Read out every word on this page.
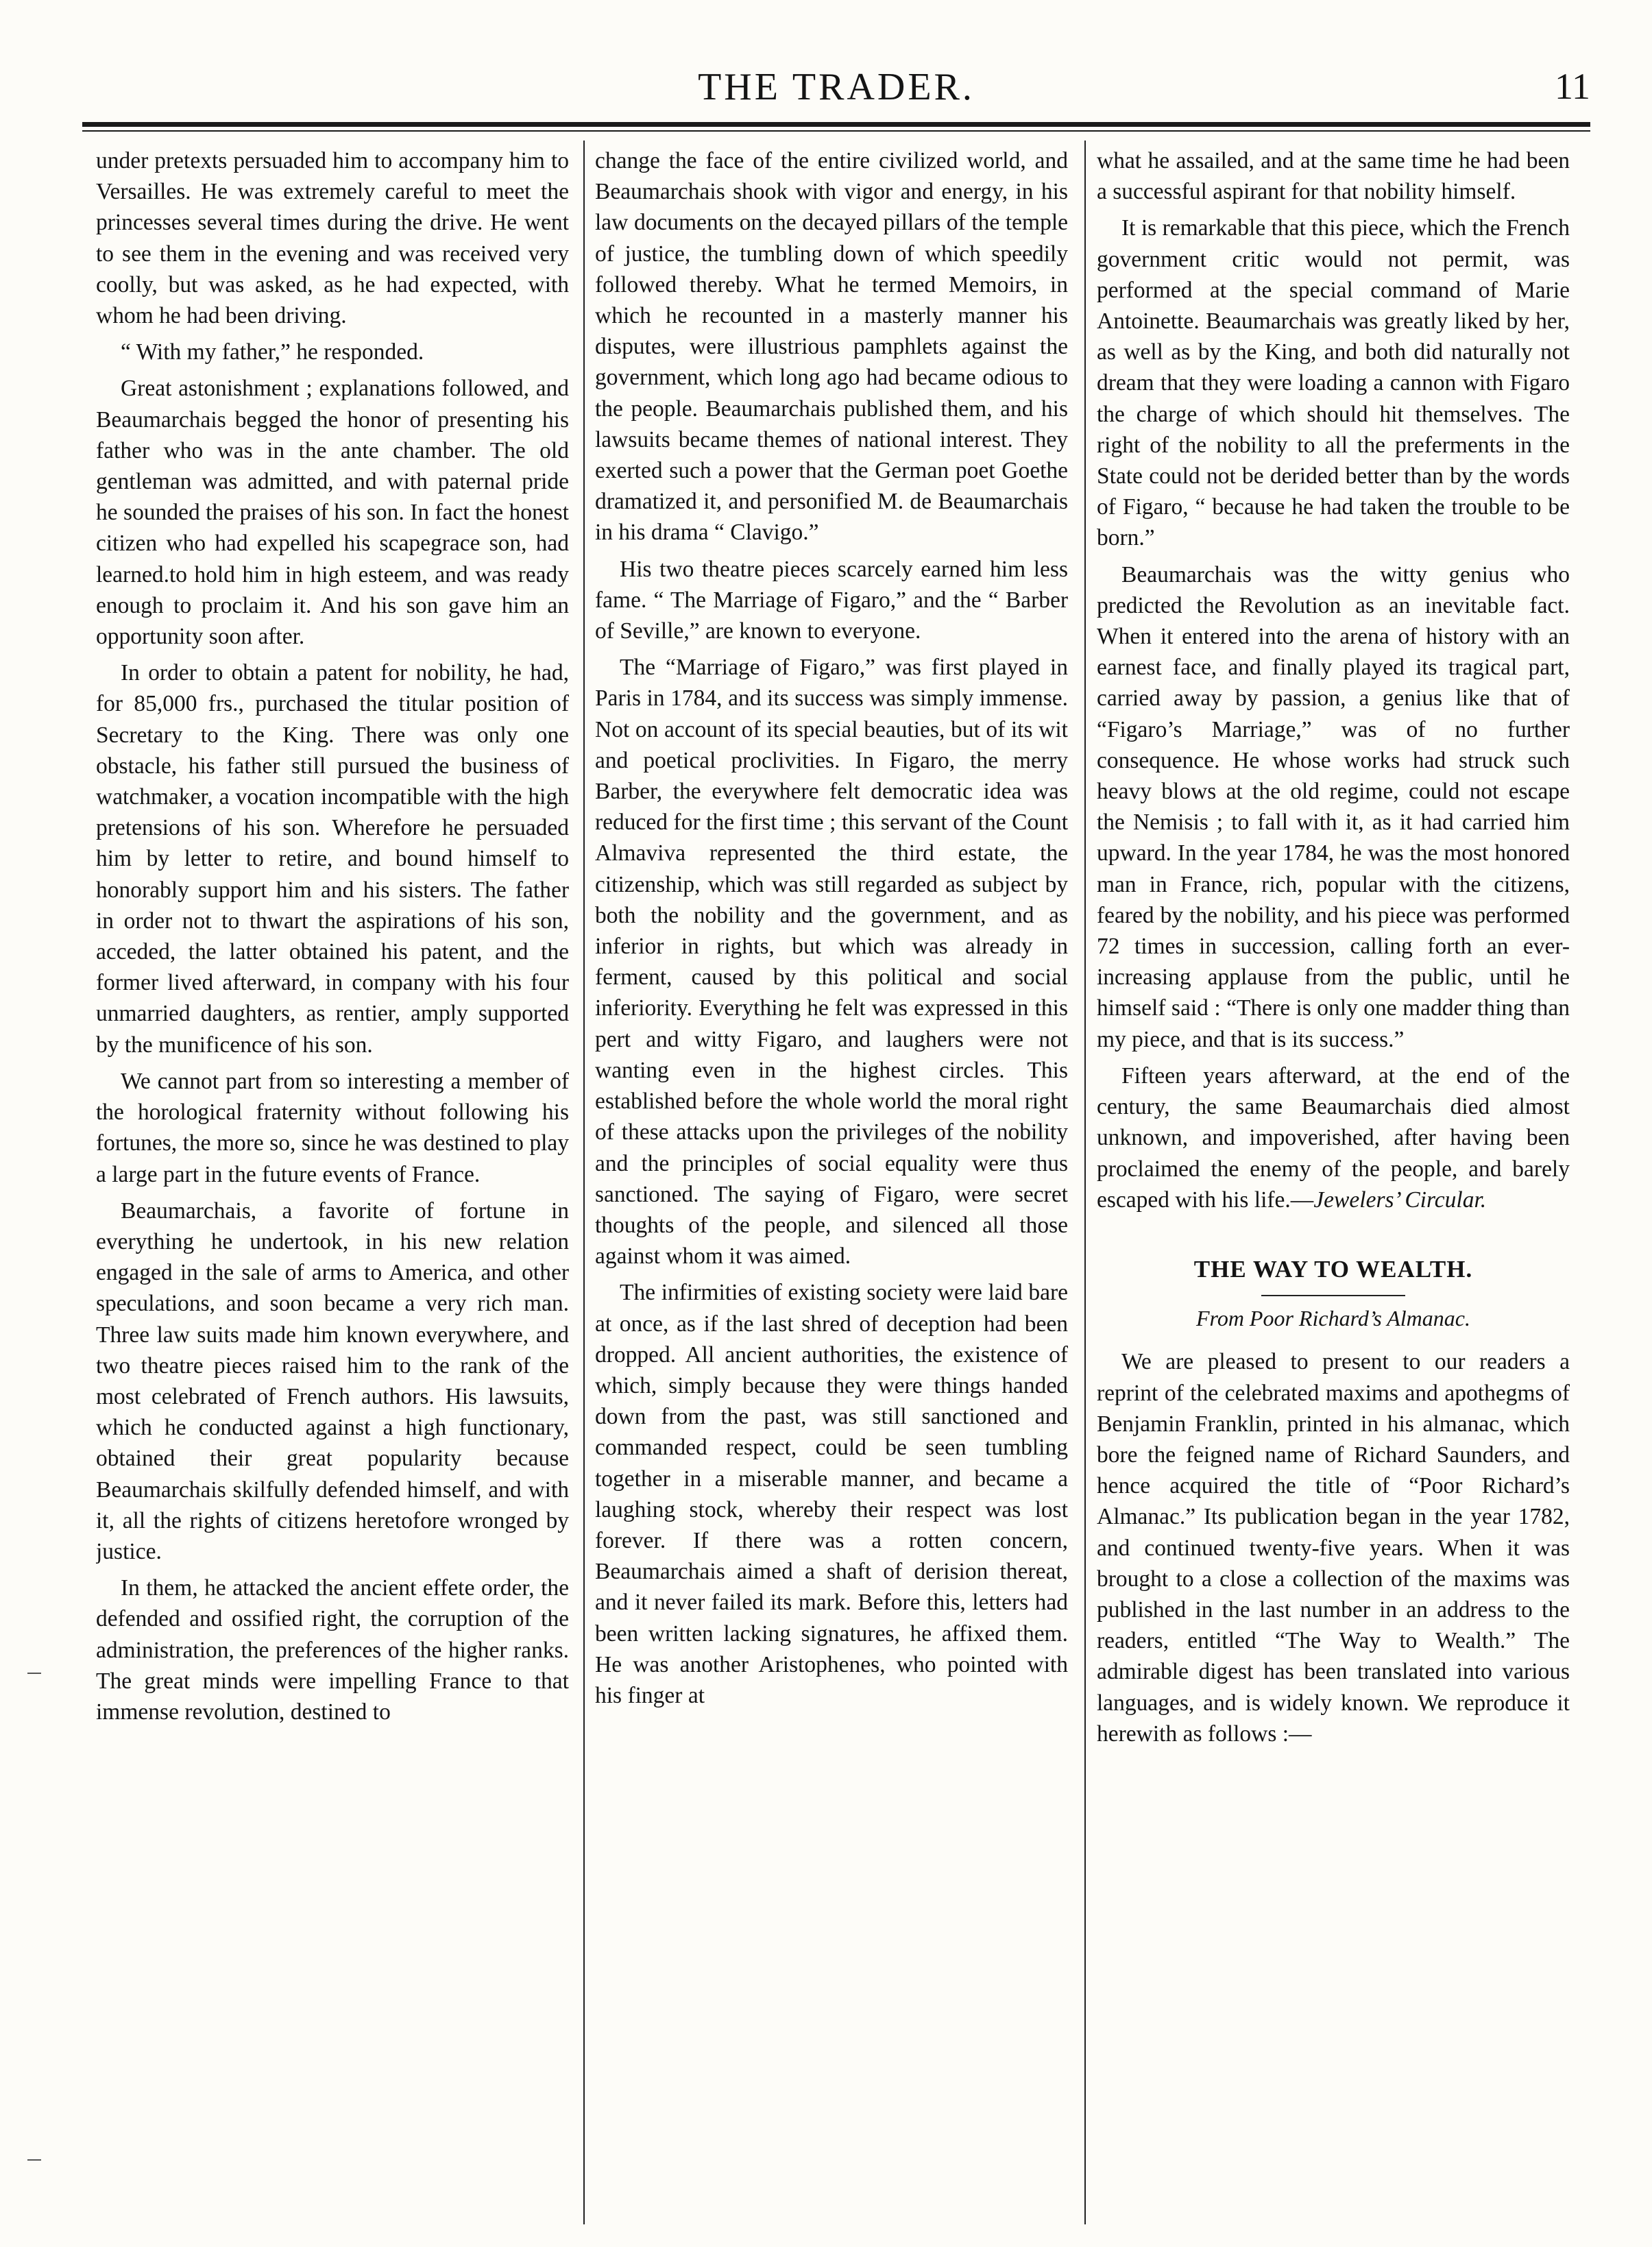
THE TRADER.	11

under pretexts persuaded him to accompany him to Versailles. He was extremely careful to meet the princesses several times during the drive. He went to see them in the evening and was received very coolly, but was asked, as he had expected, with whom he had been driving.

“ With my father,” he responded.

Great astonishment ; explanations followed, and Beaumarchais begged the honor of presenting his father who was in the ante chamber. The old gentleman was admitted, and with paternal pride he sounded the praises of his son. In fact the honest citizen who had expelled his scapegrace son, had learned.to hold him in high esteem, and was ready enough to proclaim it. And his son gave him an opportunity soon after.

In order to obtain a patent for nobility, he had, for 85,000 frs., purchased the titular position of Secretary to the King. There was only one obstacle, his father still pursued the business of watchmaker, a vocation incompatible with the high pretensions of his son. Wherefore he persuaded him by letter to retire, and bound himself to honorably support him and his sisters. The father in order not to thwart the aspirations of his son, acceded, the latter obtained his patent, and the former lived afterward, in company with his four unmarried daughters, as rentier, amply supported by the munificence of his son.

We cannot part from so interesting a member of the horological fraternity without following his fortunes, the more so, since he was destined to play a large part in the future events of France.

Beaumarchais, a favorite of fortune in everything he undertook, in his new relation engaged in the sale of arms to America, and other speculations, and soon became a very rich man. Three law suits made him known everywhere, and two theatre pieces raised him to the rank of the most celebrated of French authors. His lawsuits, which he conducted against a high functionary, obtained their great popularity because Beaumarchais skilfully defended himself, and with it, all the rights of citizens heretofore wronged by justice.

In them, he attacked the ancient effete order, the defended and ossified right, the corruption of the administration, the preferences of the higher ranks. The great minds were impelling France to that immense revolution, destined to

change the face of the entire civilized world, and Beaumarchais shook with vigor and energy, in his law documents on the decayed pillars of the temple of justice, the tumbling down of which speedily followed thereby. What he termed Memoirs, in which he recounted in a masterly manner his disputes, were illustrious pamphlets against the government, which long ago had became odious to the people. Beaumarchais published them, and his lawsuits became themes of national interest. They exerted such a power that the German poet Goethe dramatized it, and personified M. de Beaumarchais in his drama “ Clavigo.”

His two theatre pieces scarcely earned him less fame. “ The Marriage of Figaro,” and the “ Barber of Seville,” are known to everyone.

The “Marriage of Figaro,” was first played in Paris in 1784, and its success was simply immense. Not on account of its special beauties, but of its wit and poetical proclivities. In Figaro, the merry Barber, the everywhere felt democratic idea was reduced for the first time ; this servant of the Count Almaviva represented the third estate, the citizenship, which was still regarded as subject by both the nobility and the government, and as inferior in rights, but which was already in ferment, caused by this political and social inferiority. Everything he felt was expressed in this pert and witty Figaro, and laughers were not wanting even in the highest circles. This established before the whole world the moral right of these attacks upon the privileges of the nobility and the principles of social equality were thus sanctioned. The saying of Figaro, were secret thoughts of the people, and silenced all those against whom it was aimed.

The infirmities of existing society were laid bare at once, as if the last shred of deception had been dropped. All ancient authorities, the existence of which, simply because they were things handed down from the past, was still sanctioned and commanded respect, could be seen tumbling together in a miserable manner, and became a laughing stock, whereby their respect was lost forever. If there was a rotten concern, Beaumarchais aimed a shaft of derision thereat, and it never failed its mark. Before this, letters had been written lacking signatures, he affixed them. He was another Aristophenes, who pointed with his finger at

what he assailed, and at the same time he had been a successful aspirant for that nobility himself.

It is remarkable that this piece, which the French government critic would not permit, was performed at the special command of Marie Antoinette. Beaumarchais was greatly liked by her, as well as by the King, and both did naturally not dream that they were loading a cannon with Figaro the charge of which should hit themselves. The right of the nobility to all the preferments in the State could not be derided better than by the words of Figaro, “ because he had taken the trouble to be born.”

Beaumarchais was the witty genius who predicted the Revolution as an inevitable fact. When it entered into the arena of history with an earnest face, and finally played its tragical part, carried away by passion, a genius like that of “Figaro’s Marriage,” was of no further consequence. He whose works had struck such heavy blows at the old regime, could not escape the Nemisis ; to fall with it, as it had carried him upward. In the year 1784, he was the most honored man in France, rich, popular with the citizens, feared by the nobility, and his piece was performed 72 times in succession, calling forth an ever-increasing applause from the public, until he himself said : “There is only one madder thing than my piece, and that is its success.”

Fifteen years afterward, at the end of the century, the same Beaumarchais died almost unknown, and impoverished, after having been proclaimed the enemy of the people, and barely escaped with his life.—Jewelers’ Circular.

THE WAY TO WEALTH.
From Poor Richard’s Almanac.

We are pleased to present to our readers a reprint of the celebrated maxims and apothegms of Benjamin Franklin, printed in his almanac, which bore the feigned name of Richard Saunders, and hence acquired the title of “Poor Richard’s Almanac.” Its publication began in the year 1782, and continued twenty-five years. When it was brought to a close a collection of the maxims was published in the last number in an address to the readers, entitled “The Way to Wealth.” The admirable digest has been translated into various languages, and is widely known. We reproduce it herewith as follows :—
